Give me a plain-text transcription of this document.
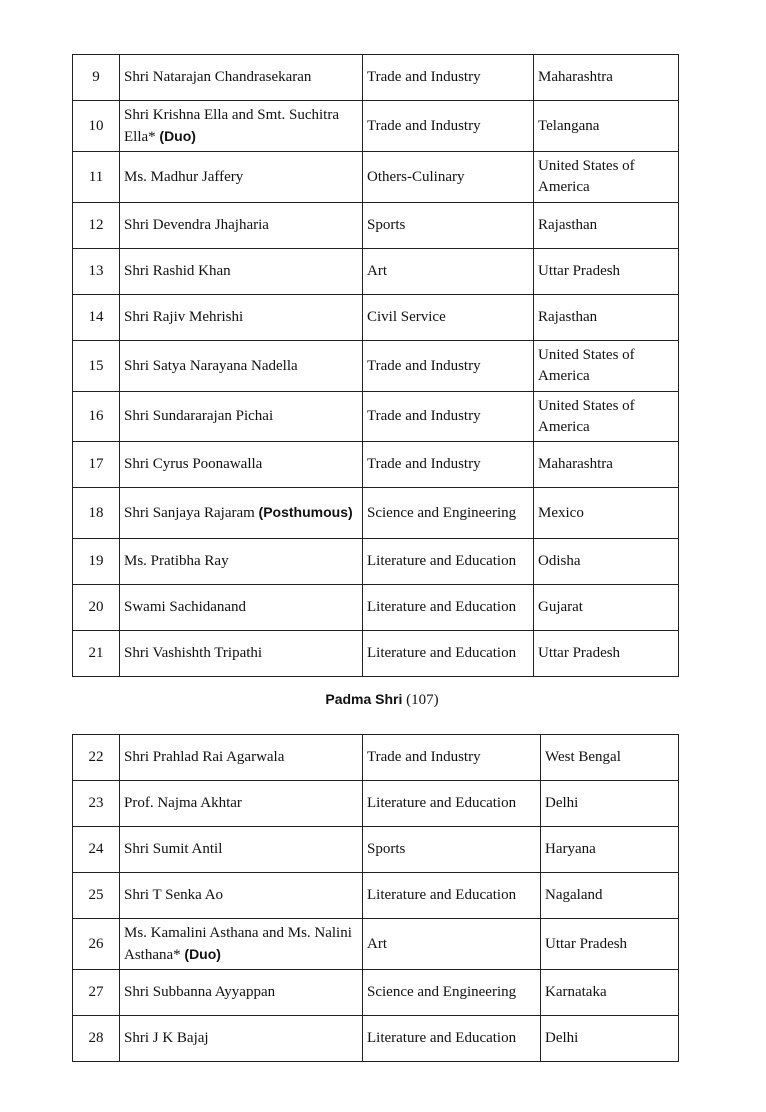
9	Shri Natarajan Chandrasekaran	Trade and Industry	Maharashtra
10	Shri Krishna Ella and Smt. Suchitra Ella* (Duo)	Trade and Industry	Telangana
11	Ms. Madhur Jaffery	Others-Culinary	United States of America
12	Shri Devendra Jhajharia	Sports	Rajasthan
13	Shri Rashid Khan	Art	Uttar Pradesh
14	Shri Rajiv Mehrishi	Civil Service	Rajasthan
15	Shri Satya Narayana Nadella	Trade and Industry	United States of America
16	Shri Sundararajan Pichai	Trade and Industry	United States of America
17	Shri Cyrus Poonawalla	Trade and Industry	Maharashtra
18	Shri Sanjaya Rajaram (Posthumous)	Science and Engineering	Mexico
19	Ms. Pratibha Ray	Literature and Education	Odisha
20	Swami Sachidanand	Literature and Education	Gujarat
21	Shri Vashishth Tripathi	Literature and Education	Uttar Pradesh
Padma Shri (107)
22	Shri Prahlad Rai Agarwala	Trade and Industry	West Bengal
23	Prof. Najma Akhtar	Literature and Education	Delhi
24	Shri Sumit Antil	Sports	Haryana
25	Shri T Senka Ao	Literature and Education	Nagaland
26	Ms. Kamalini Asthana and Ms. Nalini Asthana* (Duo)	Art	Uttar Pradesh
27	Shri Subbanna Ayyappan	Science and Engineering	Karnataka
28	Shri J K Bajaj	Literature and Education	Delhi
